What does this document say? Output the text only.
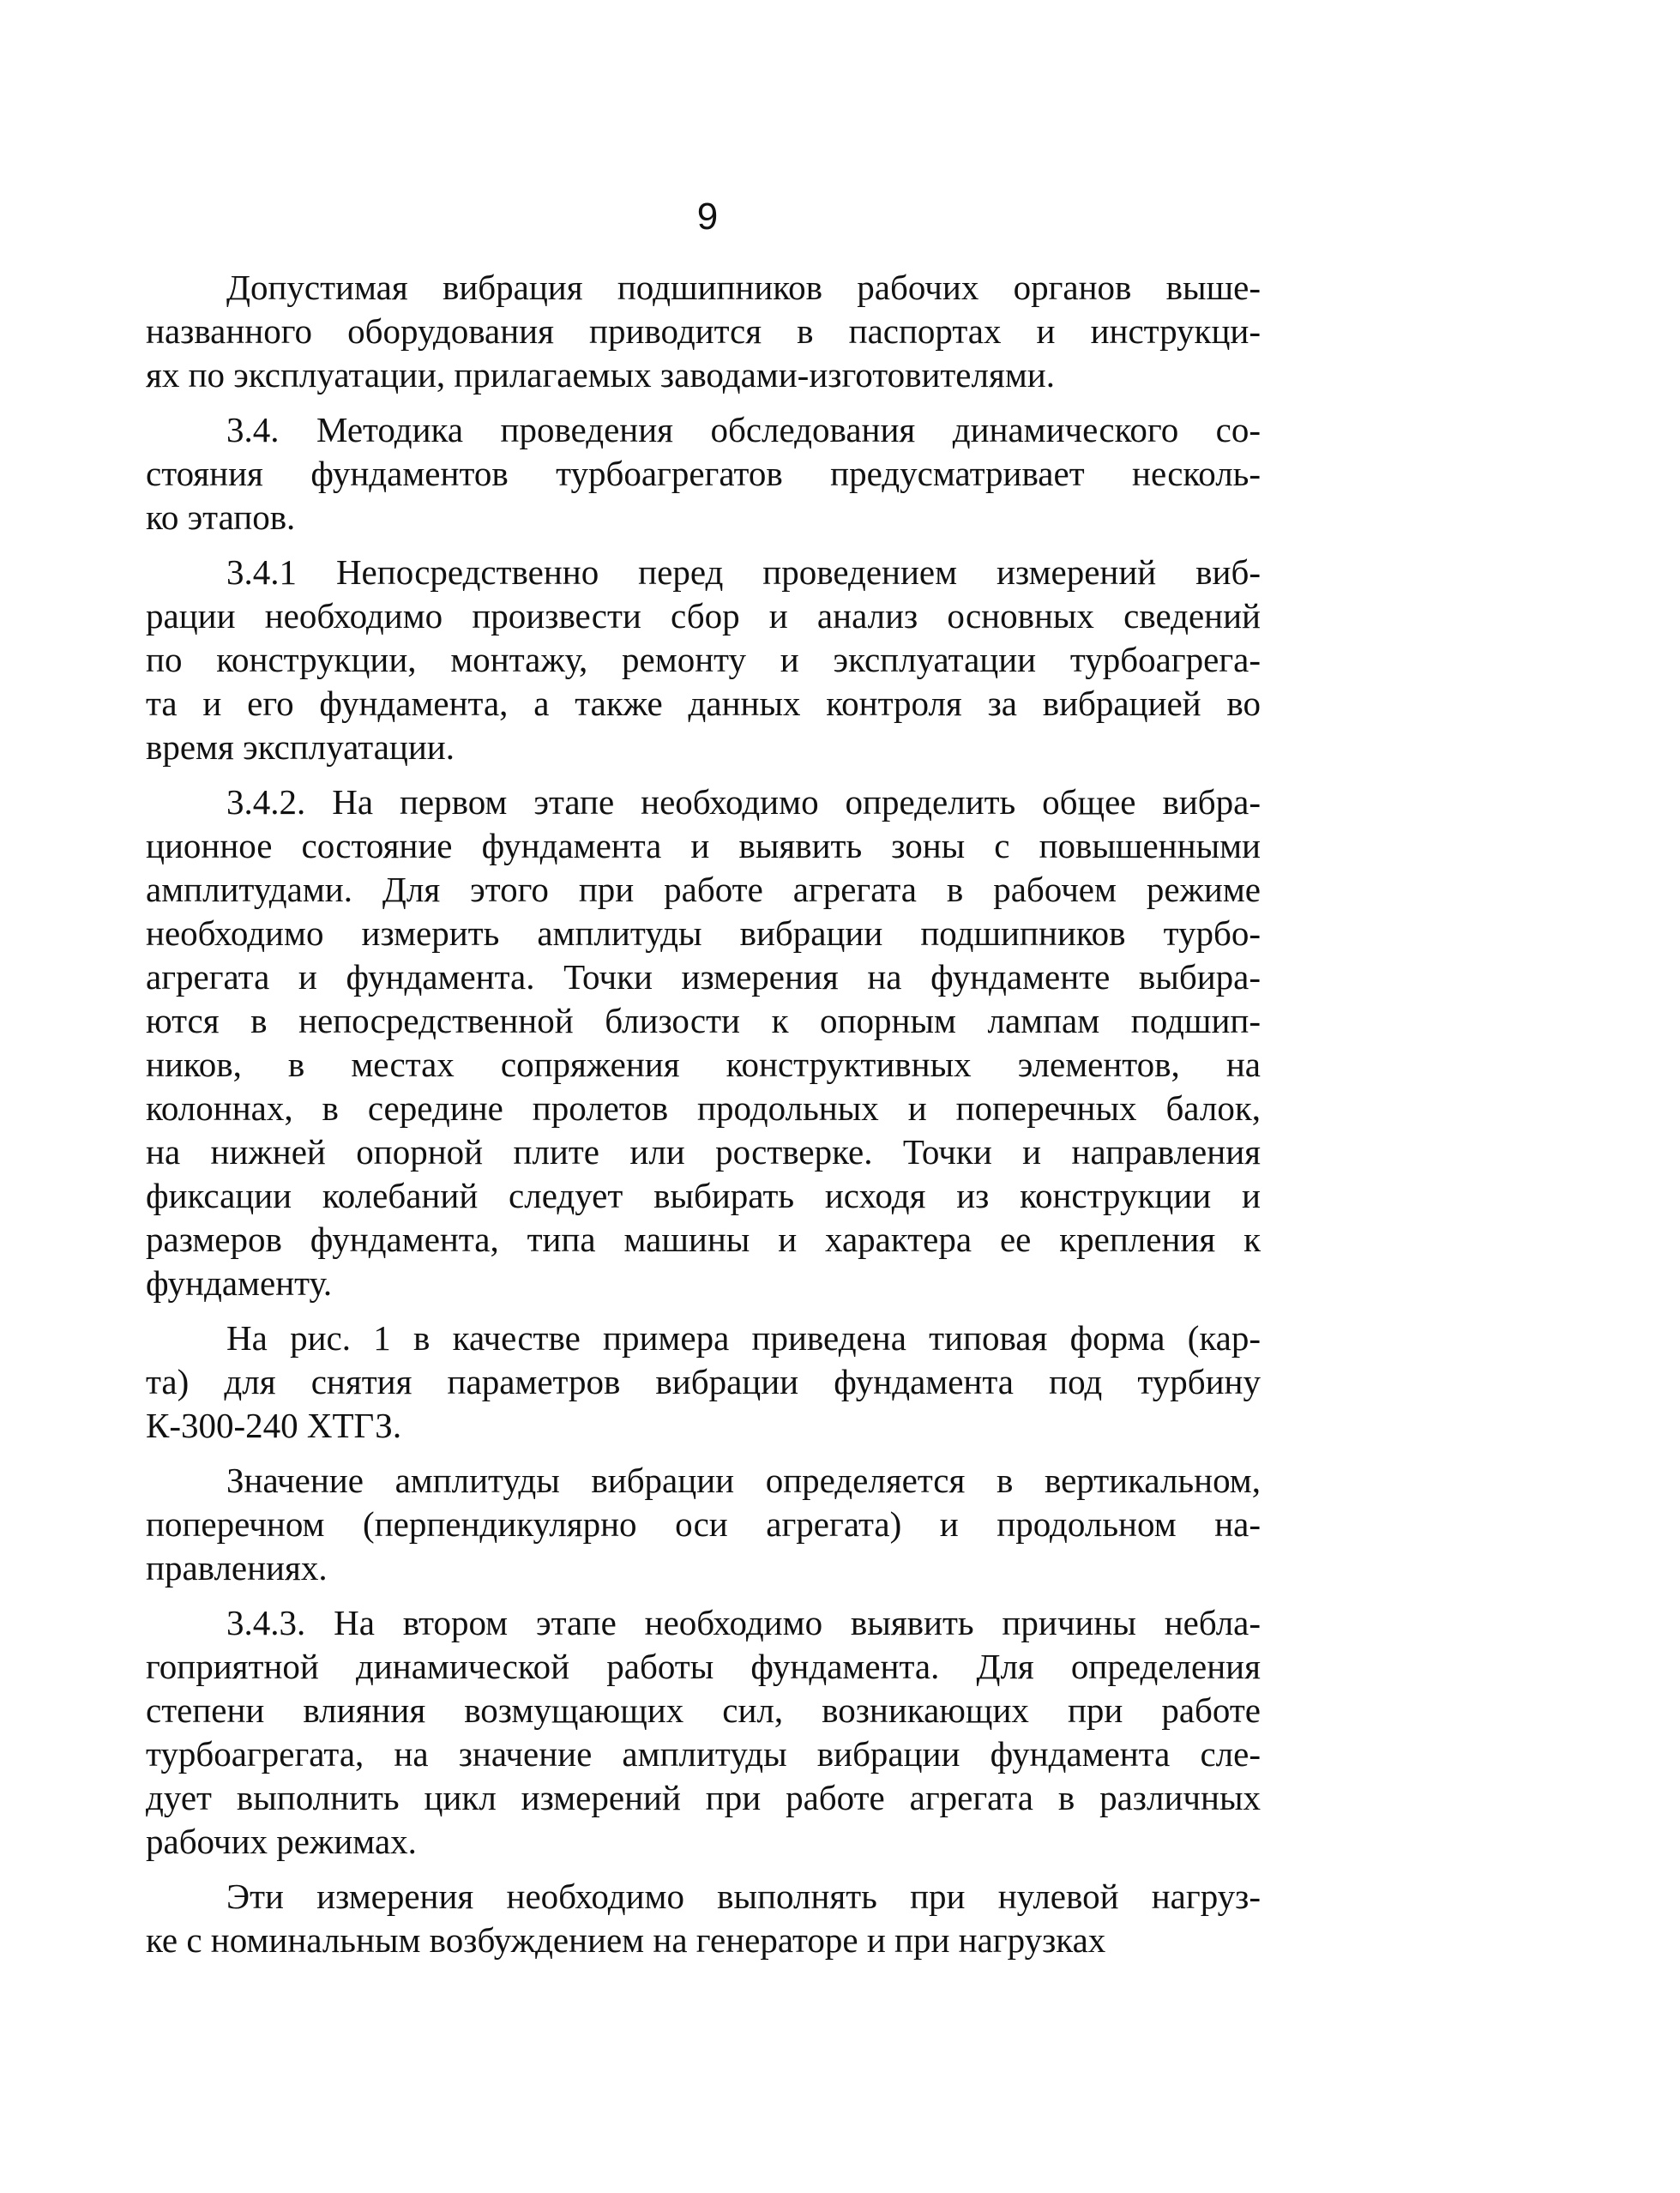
9
Допустимая вибрация подшипников рабочих органов выше-
названного оборудования приводится в паспортах и инструкци-
ях по эксплуатации, прилагаемых заводами-изготовителями.
3.4. Методика проведения обследования динамического со-
стояния фундаментов турбоагрегатов предусматривает несколь-
ко этапов.
3.4.1 Непосредственно перед проведением измерений виб-
рации необходимо произвести сбор и анализ основных сведений
по конструкции, монтажу, ремонту и эксплуатации турбоагрега-
та и его фундамента, а также данных контроля за вибрацией во
время эксплуатации.
3.4.2. На первом этапе необходимо определить общее вибра-
ционное состояние фундамента и выявить зоны с повышенными
амплитудами. Для этого при работе агрегата в рабочем режиме
необходимо измерить амплитуды вибрации подшипников турбо-
агрегата и фундамента. Точки измерения на фундаменте выбира-
ются в непосредственной близости к опорным лампам подшип-
ников, в местах сопряжения конструктивных элементов, на
колоннах, в середине пролетов продольных и поперечных балок,
на нижней опорной плите или ростверке. Точки и направления
фиксации колебаний следует выбирать исходя из конструкции и
размеров фундамента, типа машины и характера ее крепления к
фундаменту.
На рис. 1 в качестве примера приведена типовая форма (кар-
та) для снятия параметров вибрации фундамента под турбину
К-300-240 ХТГЗ.
Значение амплитуды вибрации определяется в вертикальном,
поперечном (перпендикулярно оси агрегата) и продольном на-
правлениях.
3.4.3. На втором этапе необходимо выявить причины небла-
гоприятной динамической работы фундамента. Для определения
степени влияния возмущающих сил, возникающих при работе
турбоагрегата, на значение амплитуды вибрации фундамента сле-
дует выполнить цикл измерений при работе агрегата в различных
рабочих режимах.
Эти измерения необходимо выполнять при нулевой нагруз-
ке с номинальным возбуждением на генераторе и при нагрузках
